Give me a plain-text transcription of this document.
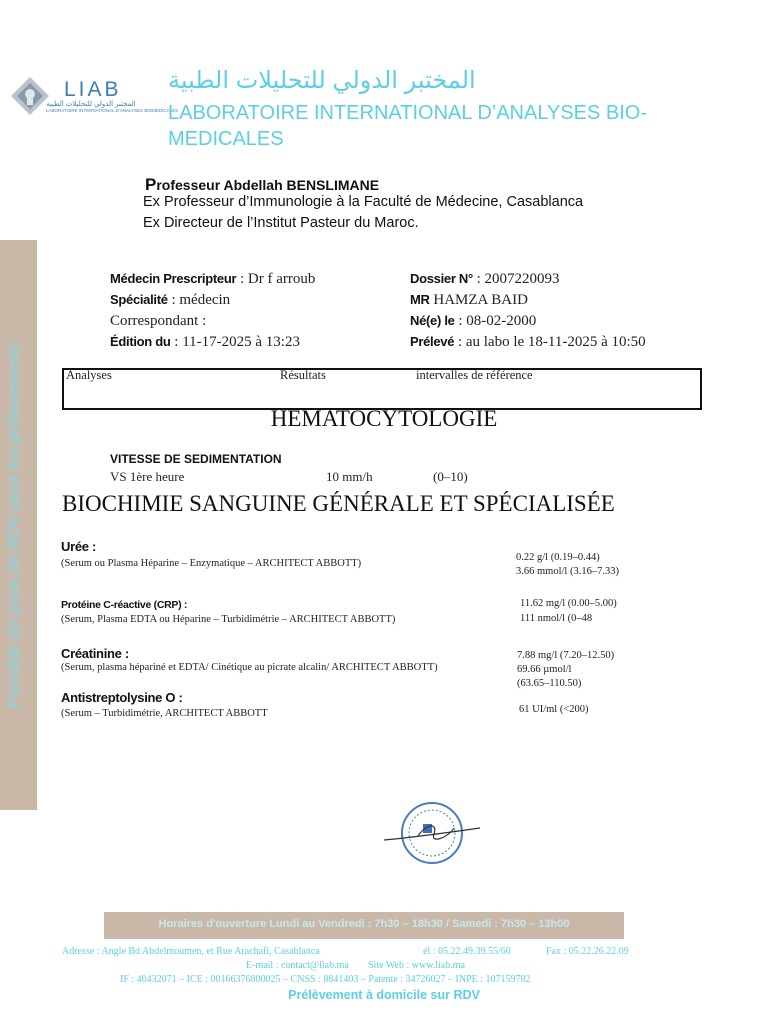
Possible de prise de RDV pour les prélèvements
LIAB
المختبر الدولي للتحليلات الطبية
LABORATOIRE INTERNATIONAL D'ANALYSES BIOMEDICALES
المختبر الدولي للتحليلات الطبية
LABORATOIRE INTERNATIONAL D’ANALYSES BIO-MEDICALES
Professeur Abdellah BENSLIMANE
Ex Professeur d’Immunologie à la Faculté de Médecine, Casablanca
Ex Directeur de l’Institut Pasteur du Maroc.
Médecin Prescripteur : Dr f arroub
Spécialité : médecin
Correspondant :
Édition du : 11-17-2025 à 13:23
Dossier N° : 2007220093
MR HAMZA BAID
Né(e) le : 08-02-2000
Prélevé : au labo le 18-11-2025 à 10:50
Analyses	Résultats	intervalles de référence
HEMATOCYTOLOGIE
VITESSE DE SEDIMENTATION
VS 1ère heure	10 mm/h	(0–10)
BIOCHIMIE SANGUINE GÉNÉRALE ET SPÉCIALISÉE
Urée :
(Serum ou Plasma Héparine – Enzymatique – ARCHITECT ABBOTT)
0.22 g/l (0.19–0.44)
3.66 mmol/l (3.16–7.33)
Protéine C-réactive (CRP) :
(Serum, Plasma EDTA ou Héparine – Turbidimétrie – ARCHITECT ABBOTT)
11.62 mg/l (0.00–5.00)
111 nmol/l (0–48
Créatinine :
(Serum, plasma hépariné et EDTA/ Cinétique au picrate alcalin/ ARCHITECT ABBOTT)
7.88 mg/l (7.20–12.50)
69.66 µmol/l
(63.65–110.50)
Antistreptolysine O :
(Serum – Turbidimétrie, ARCHITECT ABBOTT	61 UI/ml (<200)
Horaires d'ouverture Lundi au Vendredi : 7h30 – 18h30 / Samedi : 7h30 – 13h00
Adresse : Angle Bd Abdelmoumen, et Rue Arachafi, Casablanca	él : 05.22.49.39.55/60	Fax : 05.22.26.22.09
E-mail : contact@liab.ma Site Web : www.liab.ma
IF : 40432071 – ICE : 00166376800025 – CNSS : 8841403 – Patente : 34726027 – INPE : 107159782
Prélèvement à domicile sur RDV
